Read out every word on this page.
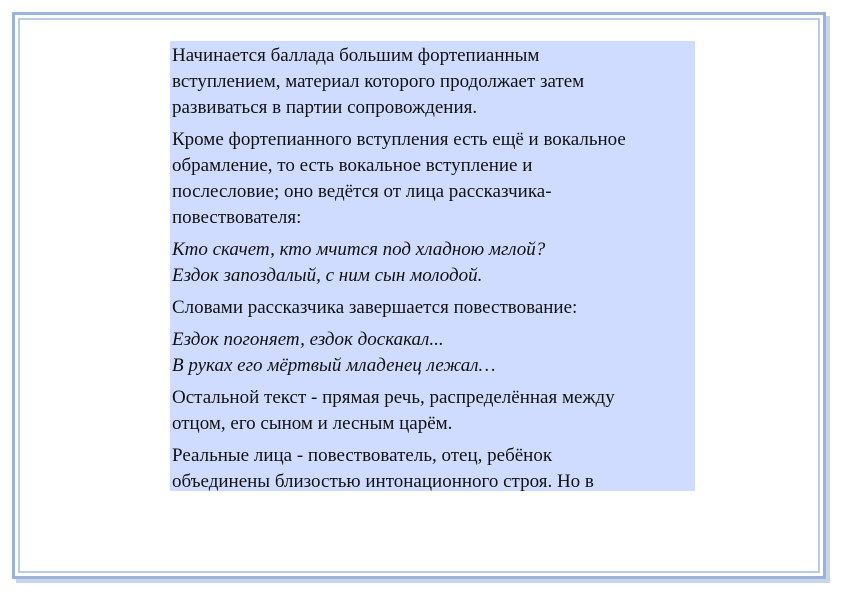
Начинается баллада большим фортепианным
вступлением, материал которого продолжает затем
развиваться в партии сопровождения.

Кроме фортепианного вступления есть ещё и вокальное
обрамление, то есть вокальное вступление и
послесловие; оно ведётся от лица рассказчика-
повествователя:

Кто скачет, кто мчится под хладною мглой?
Ездок запоздалый, с ним сын молодой.

Словами рассказчика завершается повествование:

Ездок погоняет, ездок доскакал...
В руках его мёртвый младенец лежал…

Остальной текст - прямая речь, распределённая между
отцом, его сыном и лесным царём.

Реальные лица - повествователь, отец, ребёнок
объединены близостью интонационного строя. Но в
